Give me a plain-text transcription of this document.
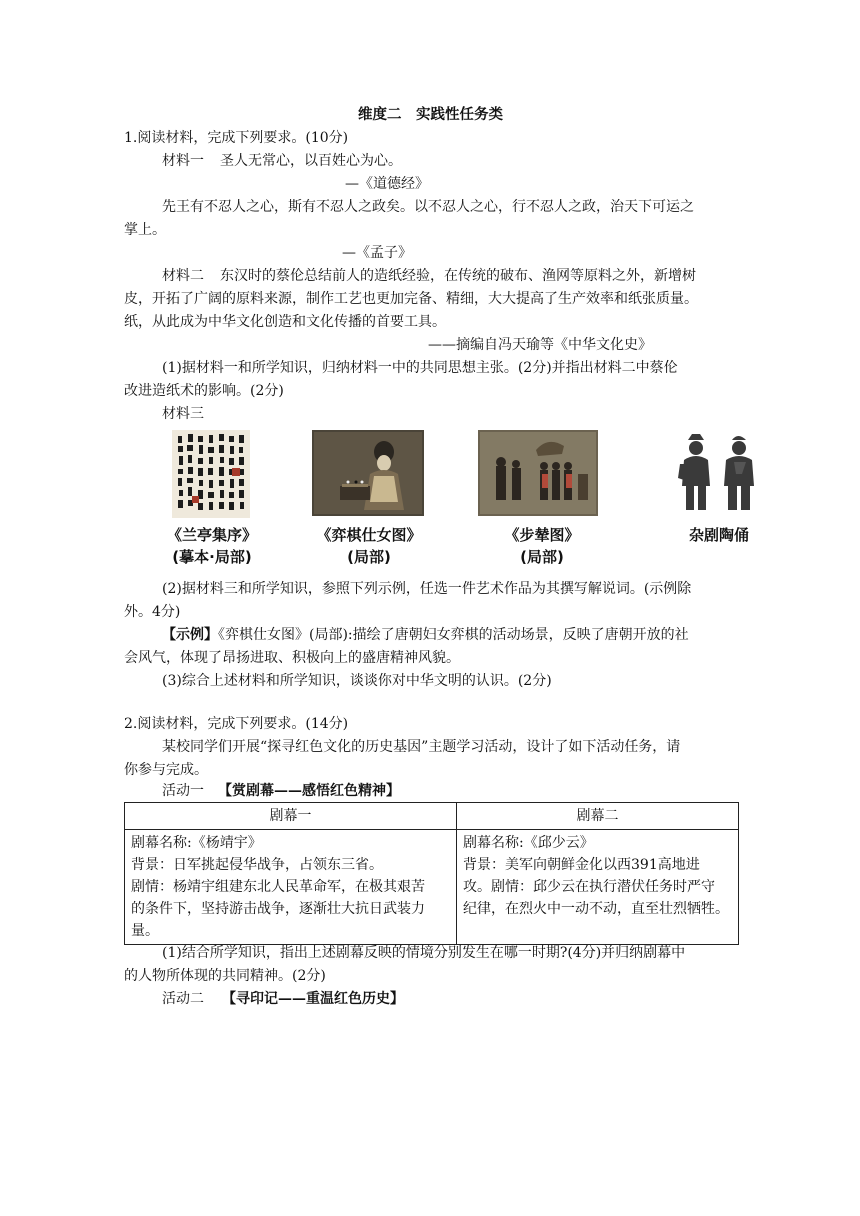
维度二　实践性任务类
1.阅读材料，完成下列要求。(10分)
材料一 圣人无常心，以百姓心为心。
—《道德经》
先王有不忍人之心，斯有不忍人之政矣。以不忍人之心，行不忍人之政，治天下可运之
掌上。
—《孟子》
材料二 东汉时的蔡伦总结前人的造纸经验，在传统的破布、渔网等原料之外，新增树
皮，开拓了广阔的原料来源，制作工艺也更加完备、精细，大大提高了生产效率和纸张质量。
纸，从此成为中华文化创造和文化传播的首要工具。
——摘编自冯天瑜等《中华文化史》
(1)据材料一和所学知识，归纳材料一中的共同思想主张。(2分)并指出材料二中蔡伦
改进造纸术的影响。(2分)
材料三
《兰亭集序》
(摹本·局部)
《弈棋仕女图》
(局部)
《步辇图》
(局部)
杂剧陶俑
(2)据材料三和所学知识，参照下列示例，任选一件艺术作品为其撰写解说词。(示例除
外。4分)
【示例】《弈棋仕女图》(局部):描绘了唐朝妇女弈棋的活动场景，反映了唐朝开放的社
会风气，体现了昂扬进取、积极向上的盛唐精神风貌。
(3)综合上述材料和所学知识，谈谈你对中华文明的认识。(2分)
2.阅读材料，完成下列要求。(14分)
某校同学们开展“探寻红色文化的历史基因”主题学习活动，设计了如下活动任务，请
你参与完成。
活动一 【赏剧幕——感悟红色精神】
剧幕一	剧幕二

剧幕名称:《杨靖宇》
背景：日军挑起侵华战争，占领东三省。
剧情：杨靖宇组建东北人民革命军，在极其艰苦
的条件下，坚持游击战争，逐渐壮大抗日武装力
量。	剧幕名称:《邱少云》
背景：美军向朝鲜金化以西391高地进
攻。剧情：邱少云在执行潜伏任务时严守
纪律，在烈火中一动不动，直至壮烈牺牲。
(1)结合所学知识，指出上述剧幕反映的情境分别发生在哪一时期?(4分)并归纳剧幕中
的人物所体现的共同精神。(2分)
活动二 【寻印记——重温红色历史】
